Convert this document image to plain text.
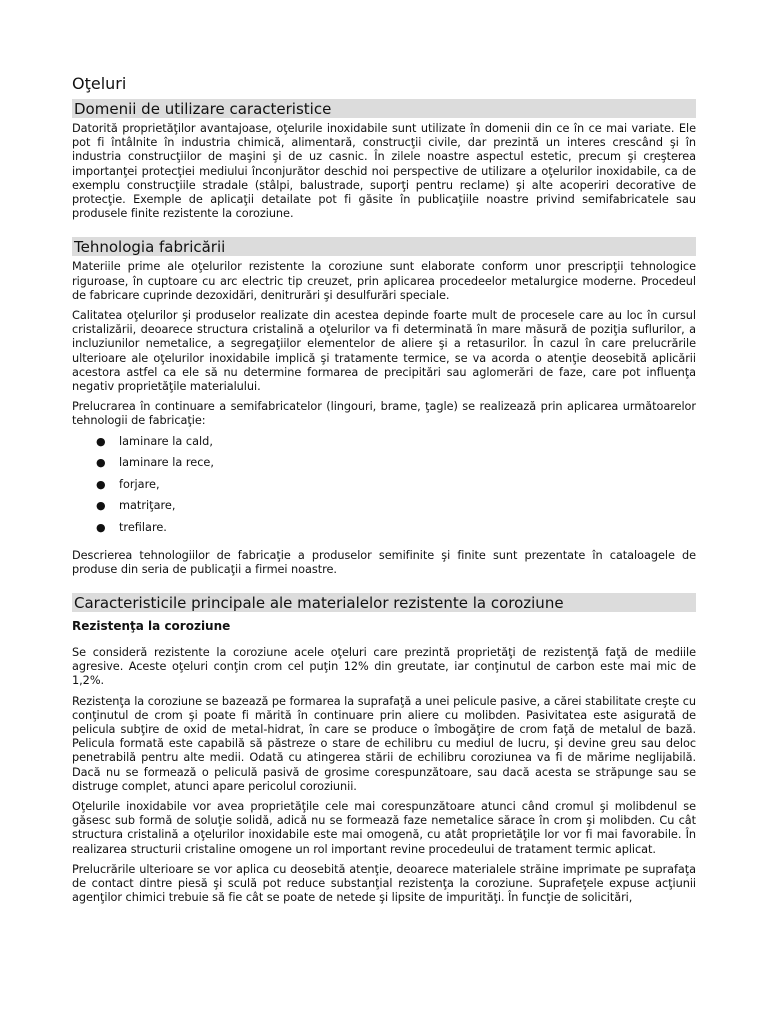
Oţeluri
Domenii de utilizare caracteristice

Datorită proprietăţilor avantajoase, oţelurile inoxidabile sunt utilizate în domenii din ce în ce mai variate. Ele pot fi întâlnite în industria chimică, alimentară, construcţii civile, dar prezintă un interes crescând şi în industria construcţiilor de maşini şi de uz casnic. În zilele noastre aspectul estetic, precum şi creşterea importanţei protecţiei mediului înconjurător deschid noi perspective de utilizare a oţelurilor inoxidabile, ca de exemplu construcţiile stradale (stâlpi, balustrade, suporţi pentru reclame) şi alte acoperiri decorative de protecţie. Exemple de aplicaţii detailate pot fi găsite în publicaţiile noastre privind semifabricatele sau produsele finite rezistente la coroziune.

Tehnologia fabricării

Materiile prime ale oţelurilor rezistente la coroziune sunt elaborate conform unor prescripţii tehnologice riguroase, în cuptoare cu arc electric tip creuzet, prin aplicarea procedeelor metalurgice moderne. Procedeul de fabricare cuprinde dezoxidări, denitrurări şi desulfurări speciale.

Calitatea oţelurilor şi produselor realizate din acestea depinde foarte mult de procesele care au loc în cursul cristalizării, deoarece structura cristalină a oţelurilor va fi determinată în mare măsură de poziţia suflurilor, a incluziunilor nemetalice, a segregaţiilor elementelor de aliere şi a retasurilor. În cazul în care prelucrările ulterioare ale oţelurilor inoxidabile implică şi tratamente termice, se va acorda o atenţie deosebită aplicării acestora astfel ca ele să nu determine formarea de precipitări sau aglomerări de faze, care pot influenţa negativ proprietăţile materialului.

Prelucrarea în continuare a semifabricatelor (lingouri, brame, ţagle) se realizează prin aplicarea următoarelor tehnologii de fabricaţie:

● laminare la cald,
● laminare la rece,
● forjare,
● matriţare,
● trefilare.

Descrierea tehnologiilor de fabricaţie a produselor semifinite şi finite sunt prezentate în cataloagele de produse din seria de publicaţii a firmei noastre.

Caracteristicile principale ale materialelor rezistente la coroziune
Rezistenţa la coroziune

Se consideră rezistente la coroziune acele oţeluri care prezintă proprietăţi de rezistenţă faţă de mediile agresive. Aceste oţeluri conţin crom cel puţin 12% din greutate, iar conţinutul de carbon este mai mic de 1,2%.

Rezistenţa la coroziune se bazează pe formarea la suprafaţă a unei pelicule pasive, a cărei stabilitate creşte cu conţinutul de crom şi poate fi mărită în continuare prin aliere cu molibden. Pasivitatea este asigurată de pelicula subţire de oxid de metal-hidrat, în care se produce o îmbogăţire de crom faţă de metalul de bază. Pelicula formată este capabilă să păstreze o stare de echilibru cu mediul de lucru, şi devine greu sau deloc penetrabilă pentru alte medii. Odată cu atingerea stării de echilibru coroziunea va fi de mărime neglijabilă. Dacă nu se formează o peliculă pasivă de grosime corespunzătoare, sau dacă acesta se străpunge sau se distruge complet, atunci apare pericolul coroziunii.

Oţelurile inoxidabile vor avea proprietăţile cele mai corespunzătoare atunci când cromul şi molibdenul se găsesc sub formă de soluţie solidă, adică nu se formează faze nemetalice sărace în crom şi molibden. Cu cât structura cristalină a oţelurilor inoxidabile este mai omogenă, cu atât proprietăţile lor vor fi mai favorabile. În realizarea structurii cristaline omogene un rol important revine procedeului de tratament termic aplicat.

Prelucrările ulterioare se vor aplica cu deosebită atenţie, deoarece materialele străine imprimate pe suprafaţa de contact dintre piesă şi sculă pot reduce substanţial rezistenţa la coroziune. Suprafeţele expuse acţiunii agenţilor chimici trebuie să fie cât se poate de netede şi lipsite de impurităţi. În funcţie de solicitări,
